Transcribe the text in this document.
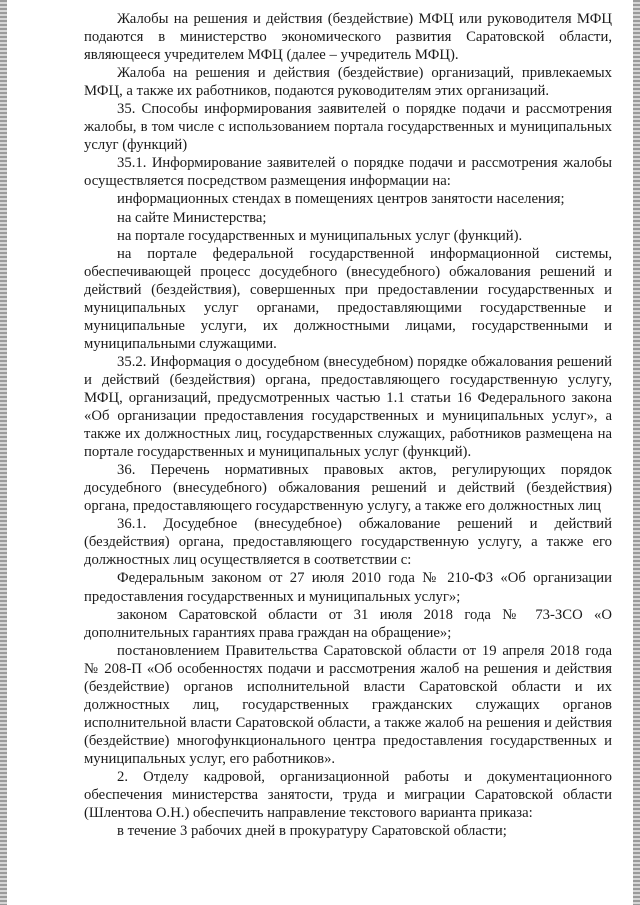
Жалобы на решения и действия (бездействие) МФЦ или руководителя МФЦ подаются в министерство экономического развития Саратовской области, являющееся учредителем МФЦ (далее – учредитель МФЦ).

Жалоба на решения и действия (бездействие) организаций, привлекаемых МФЦ, а также их работников, подаются руководителям этих организаций.

35. Способы информирования заявителей о порядке подачи и рассмотрения жалобы, в том числе с использованием портала государственных и муниципальных услуг (функций)

35.1. Информирование заявителей о порядке подачи и рассмотрения жалобы осуществляется посредством размещения информации на:

информационных стендах в помещениях центров занятости населения;

на сайте Министерства;

на портале государственных и муниципальных услуг (функций).

на портале федеральной государственной информационной системы, обеспечивающей процесс досудебного (внесудебного) обжалования решений и действий (бездействия), совершенных при предоставлении государственных и муниципальных услуг органами, предоставляющими государственные и муниципальные услуги, их должностными лицами, государственными и муниципальными служащими.

35.2. Информация о досудебном (внесудебном) порядке обжалования решений и действий (бездействия) органа, предоставляющего государственную услугу, МФЦ, организаций, предусмотренных частью 1.1 статьи 16 Федерального закона «Об организации предоставления государственных и муниципальных услуг», а также их должностных лиц, государственных служащих, работников размещена на портале государственных и муниципальных услуг (функций).

36. Перечень нормативных правовых актов, регулирующих порядок досудебного (внесудебного) обжалования решений и действий (бездействия) органа, предоставляющего государственную услугу, а также его должностных лиц

36.1. Досудебное (внесудебное) обжалование решений и действий (бездействия) органа, предоставляющего государственную услугу, а также его должностных лиц осуществляется в соответствии с:

Федеральным законом от 27 июля 2010 года № 210-ФЗ «Об организации предоставления государственных и муниципальных услуг»;

законом Саратовской области от 31 июля 2018 года № 73-ЗСО «О дополнительных гарантиях права граждан на обращение»;

постановлением Правительства Саратовской области от 19 апреля 2018 года № 208-П «Об особенностях подачи и рассмотрения жалоб на решения и действия (бездействие) органов исполнительной власти Саратовской области и их должностных лиц, государственных гражданских служащих органов исполнительной власти Саратовской области, а также жалоб на решения и действия (бездействие) многофункционального центра предоставления государственных и муниципальных услуг, его работников».

2. Отделу кадровой, организационной работы и документационного обеспечения министерства занятости, труда и миграции Саратовской области (Шлентова О.Н.) обеспечить направление текстового варианта приказа:

в течение 3 рабочих дней в прокуратуру Саратовской области;
